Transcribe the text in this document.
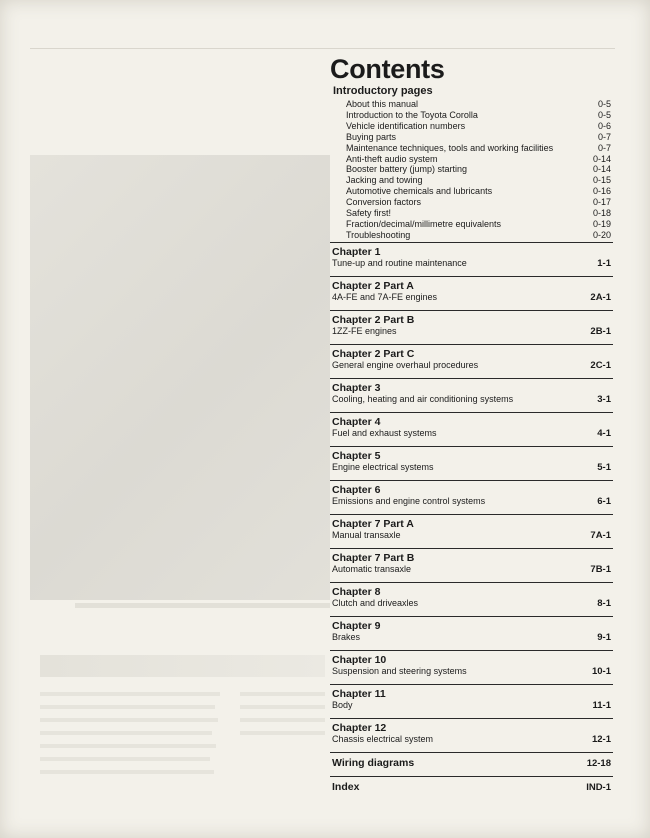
Contents
Introductory pages
About this manual	0-5
Introduction to the Toyota Corolla	0-5
Vehicle identification numbers	0-6
Buying parts	0-7
Maintenance techniques, tools and working facilities	0-7
Anti-theft audio system	0-14
Booster battery (jump) starting	0-14
Jacking and towing	0-15
Automotive chemicals and lubricants	0-16
Conversion factors	0-17
Safety first!	0-18
Fraction/decimal/millimetre equivalents	0-19
Troubleshooting	0-20
Chapter 1
Tune-up and routine maintenance	1-1
Chapter 2 Part A
4A-FE and 7A-FE engines	2A-1
Chapter 2 Part B
1ZZ-FE engines	2B-1
Chapter 2 Part C
General engine overhaul procedures	2C-1
Chapter 3
Cooling, heating and air conditioning systems	3-1
Chapter 4
Fuel and exhaust systems	4-1
Chapter 5
Engine electrical systems	5-1
Chapter 6
Emissions and engine control systems	6-1
Chapter 7 Part A
Manual transaxle	7A-1
Chapter 7 Part B
Automatic transaxle	7B-1
Chapter 8
Clutch and driveaxles	8-1
Chapter 9
Brakes	9-1
Chapter 10
Suspension and steering systems	10-1
Chapter 11
Body	11-1
Chapter 12
Chassis electrical system	12-1
Wiring diagrams	12-18
Index	IND-1
